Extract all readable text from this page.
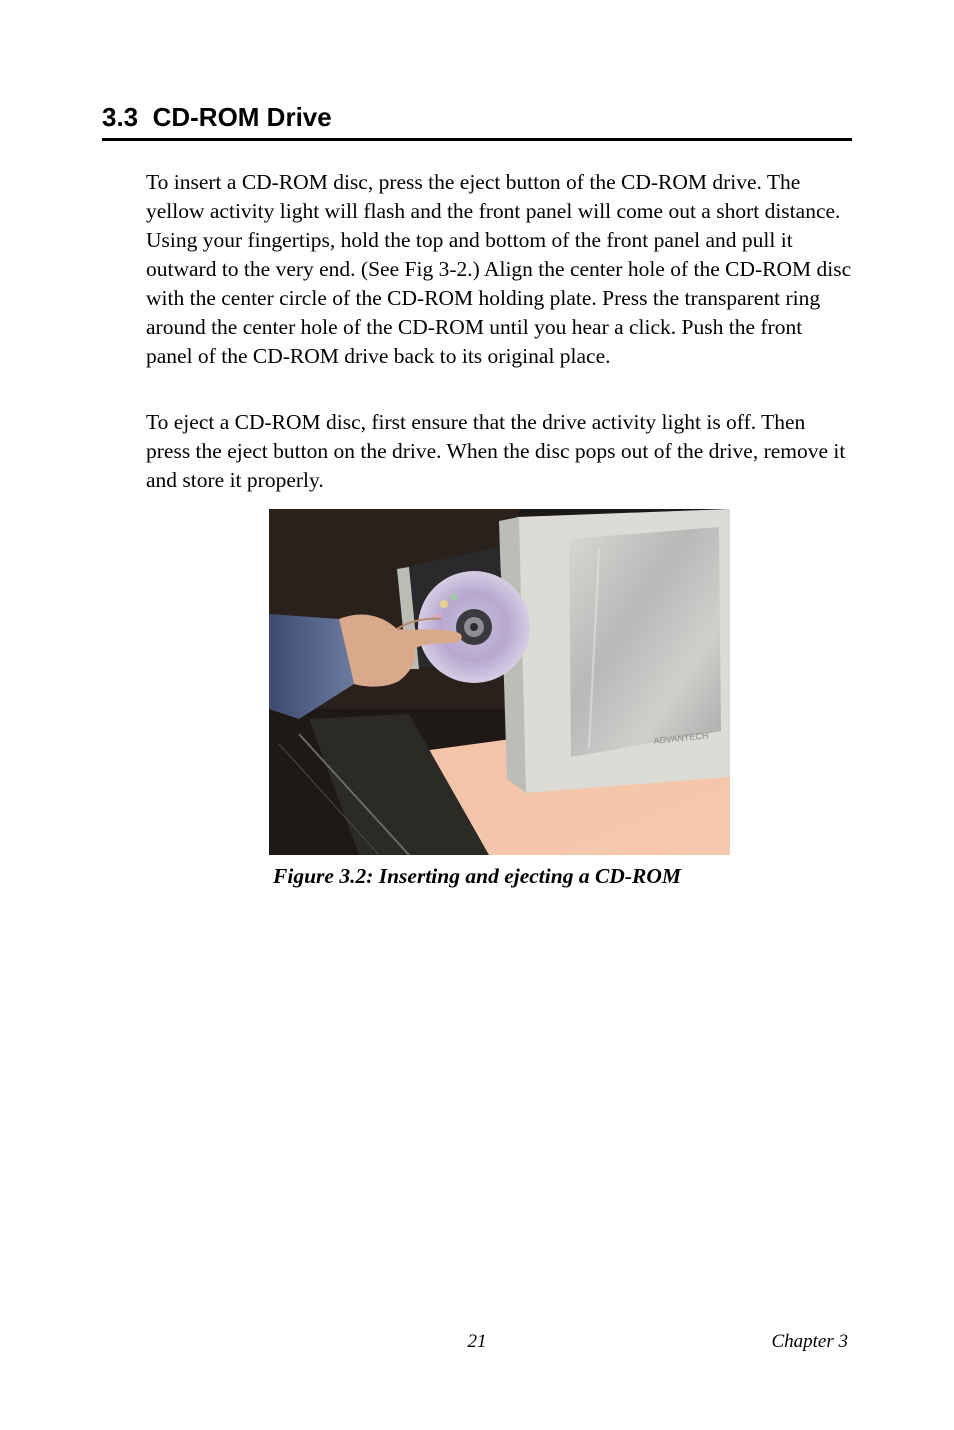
3.3  CD-ROM Drive

To insert a CD-ROM disc, press the eject button of the CD-ROM drive. The yellow activity light will flash and the front panel will come out a short distance. Using your fingertips, hold the top and bottom of the front panel and pull it outward to the very end. (See Fig 3-2.) Align the center hole of the CD-ROM disc with the center circle of the CD-ROM holding plate. Press the transparent ring around the center hole of the CD-ROM until you hear a click. Push the front panel of the CD-ROM drive back to its original place.

To eject a CD-ROM disc, first ensure that the drive activity light is off. Then press the eject button on the drive. When the disc pops out of the drive, remove it and store it properly.

ADVANTECH
Figure 3.2: Inserting and ejecting a CD-ROM
21	Chapter 3
